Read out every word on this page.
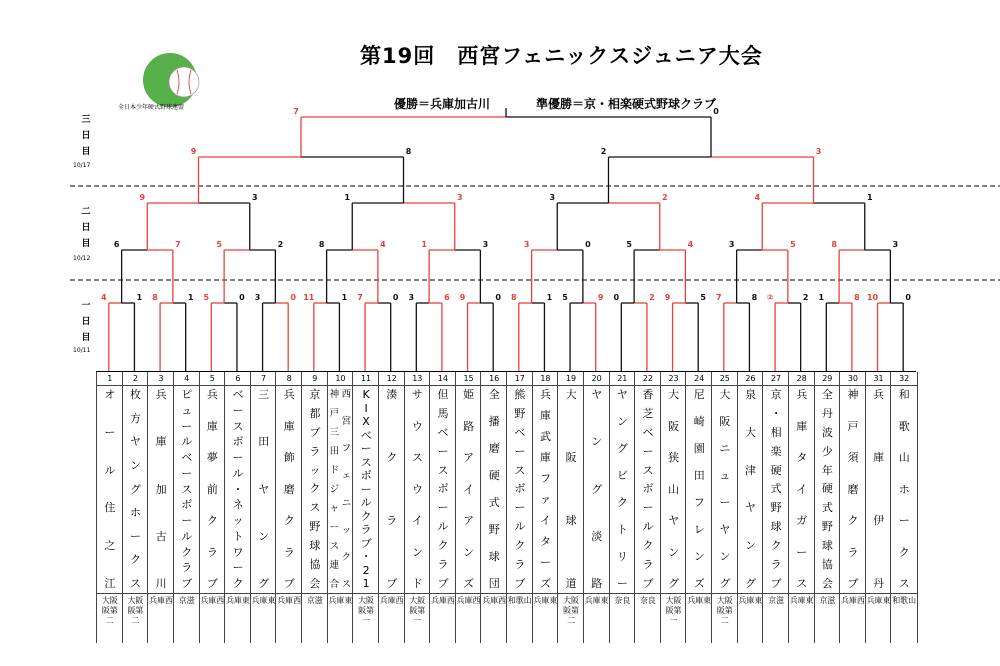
全日本少年硬式野球連盟
第19回　西宮フェニックスジュニア大会
優勝＝兵庫加古川	準優勝＝京・相楽硬式野球クラブ
三
日
目
10/17
二
日
目
10/12
一
日
目
10/11
4	1 8	1 5	0 3	0 11	1 7	0 3	6 9	0 8	1 5	9 0	2 9	5 7	8 ②	2 1	8 10	0
6	7	5	2	8	4	1	3	3	0	5	4	3	5	8	3
9	3	1	3	3	2	4	1
9	8	2	3
7	0
1
オ
ー
ル
住
之
江
大阪
阪第
二
2
枚
方
ヤ
ン
グ
ホ
ー
ク
ス
大阪
阪第
二
3
兵
庫
加
古
川
兵庫西
4
ピ
ュ
ー
ル
ベ
ー
ス
ボ
ー
ル
ク
ラ
ブ
京滋
5
兵
庫
夢
前
ク
ラ
ブ
兵庫西
6
ベ
ー
ス
ボ
ー
ル
・
ネ
ッ
ト
ワ
ー
ク
兵庫東
7
三
田
ヤ
ン
グ
兵庫東
8
兵
庫
飾
磨
ク
ラ
ブ
兵庫西
9
京
都
ブ
ラ
ッ
ク
ス
野
球
協
会
京滋
10
神
戸
三
田
ド
ジ
ャ
ー
ス
連
合
西
宮
フ
ェ
ニ
ッ
ク
ス
兵庫東
11
K
I
X
ベ
ー
ス
ボ
ー
ル
ク
ラ
ブ
・
2
1
大阪
阪第
一
12
湊
ク
ラ
ブ
兵庫西
13
サ
ウ
ス
ウ
イ
ン
ド
大阪
阪第
一
14
但
馬
ベ
ー
ス
ボ
ー
ル
ク
ラ
ブ
兵庫西
15
姫
路
ア
イ
ア
ン
ズ
兵庫西
16
全
播
磨
硬
式
野
球
団
兵庫西
17
熊
野
ベ
ー
ス
ボ
ー
ル
ク
ラ
ブ
和歌山
18
兵
庫
武
庫
フ
ァ
イ
タ
ー
ズ
兵庫東
19
大
阪
球
道
大阪
阪第
二
20
ヤ
ン
グ
淡
路
兵庫東
21
ヤ
ン
グ
ビ
ク
ト
リ
ー
奈良
22
香
芝
ベ
ー
ス
ボ
ー
ル
ク
ラ
ブ
奈良
23
大
阪
狭
山
ヤ
ン
グ
大阪
阪第
一
24
尼
崎
園
田
フ
レ
ン
ズ
兵庫東
25
大
阪
ニ
ュ
ー
ヤ
ン
グ
大阪
阪第
二
26
泉
大
津
ヤ
ン
グ
兵庫東
27
京
・
相
楽
硬
式
野
球
ク
ラ
ブ
京滋
28
兵
庫
タ
イ
ガ
ー
ス
兵庫東
29
全
丹
波
少
年
硬
式
野
球
協
会
京滋
30
神
戸
須
磨
ク
ラ
ブ
兵庫西
31
兵
庫
伊
丹
兵庫東
32
和
歌
山
ホ
ー
ク
ス
和歌山
